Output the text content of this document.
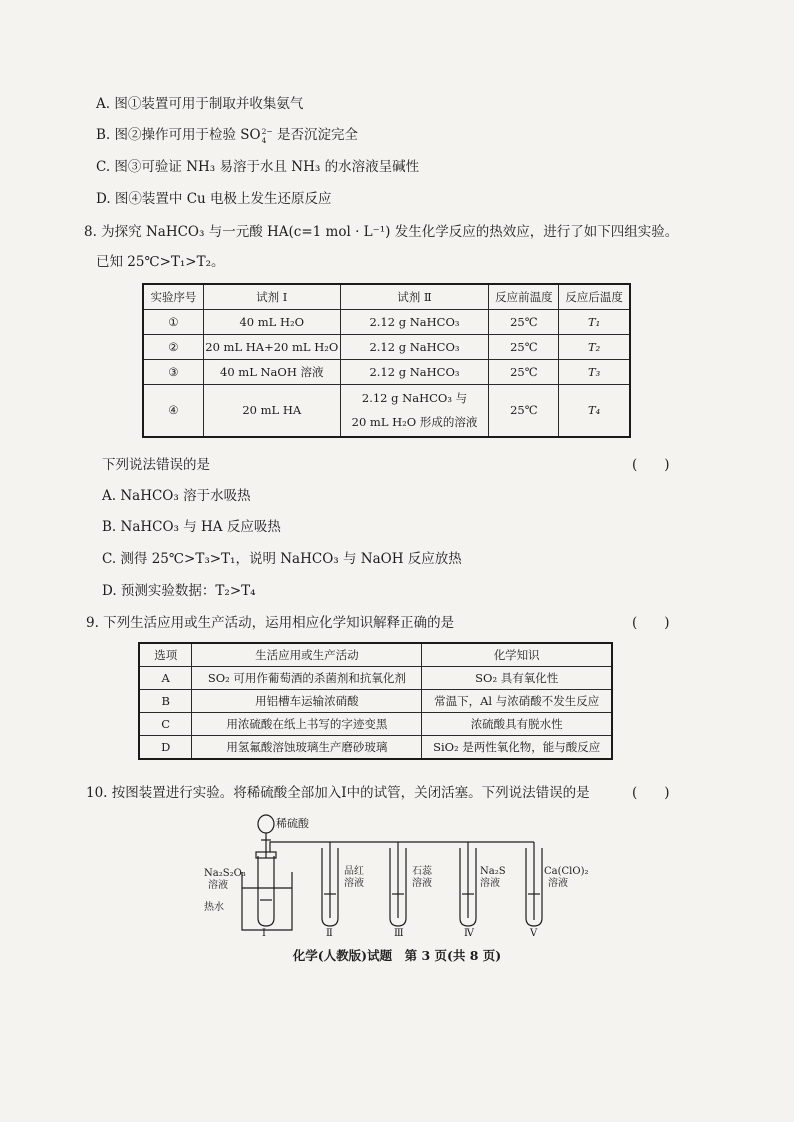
A. 图①装置可用于制取并收集氨气
B. 图②操作可用于检验 SO 2−
4 是否沉淀完全
C. 图③可验证 NH₃ 易溶于水且 NH₃ 的水溶液呈碱性
D. 图④装置中 Cu 电极上发生还原反应
8. 为探究 NaHCO₃ 与一元酸 HA(c=1 mol · L⁻¹) 发生化学反应的热效应，进行了如下四组实验。
已知 25℃>T₁>T₂。
实验序号	试剂 Ⅰ	试剂 Ⅱ	反应前温度	反应后温度
①	40 mL H₂O	2.12 g NaHCO₃	25℃	T₁
②	20 mL HA+20 mL H₂O	2.12 g NaHCO₃	25℃	T₂
③	40 mL NaOH 溶液	2.12 g NaHCO₃	25℃	T₃
④	20 mL HA	2.12 g NaHCO₃ 与
20 mL H₂O 形成的溶液	25℃	T₄
下列说法错误的是	(　　)
A. NaHCO₃ 溶于水吸热
B. NaHCO₃ 与 HA 反应吸热
C. 测得 25℃>T₃>T₁，说明 NaHCO₃ 与 NaOH 反应放热
D. 预测实验数据：T₂>T₄
9. 下列生活应用或生产活动，运用相应化学知识解释正确的是	(　　)
选项	生活应用或生产活动	化学知识
A	SO₂ 可用作葡萄酒的杀菌剂和抗氧化剂	SO₂ 具有氧化性
B	用铝槽车运输浓硝酸	常温下，Al 与浓硝酸不发生反应
C	用浓硫酸在纸上书写的字迹变黑	浓硫酸具有脱水性
D	用氢氟酸溶蚀玻璃生产磨砂玻璃	SiO₂ 是两性氧化物，能与酸反应
10. 按图装置进行实验。将稀硫酸全部加入Ⅰ中的试管，关闭活塞。下列说法错误的是	(　　)
稀硫酸
Na₂S₂O₃
溶液
热水
品红
溶液
石蕊
溶液
Na₂S
溶液
Ca(ClO)₂
溶液
Ⅰ	Ⅱ	Ⅲ	Ⅳ	Ⅴ
化学(人教版)试题　第 3 页(共 8 页)
